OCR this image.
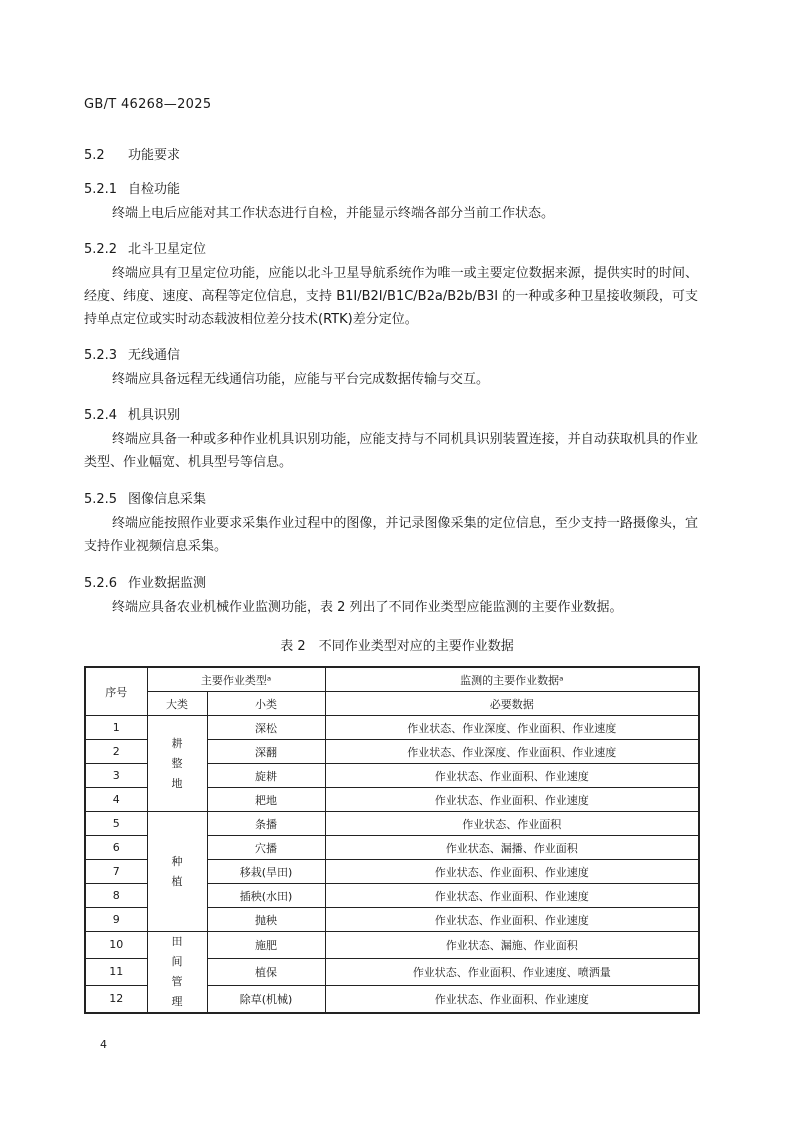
GB/T 46268—2025
5.2 功能要求
5.2.1 自检功能
终端上电后应能对其工作状态进行自检，并能显示终端各部分当前工作状态。
5.2.2 北斗卫星定位
终端应具有卫星定位功能，应能以北斗卫星导航系统作为唯一或主要定位数据来源，提供实时的时间、经度、纬度、速度、高程等定位信息，支持 B1I/B2I/B1C/B2a/B2b/B3I 的一种或多种卫星接收频段，可支持单点定位或实时动态载波相位差分技术(RTK)差分定位。
5.2.3 无线通信
终端应具备远程无线通信功能，应能与平台完成数据传输与交互。
5.2.4 机具识别
终端应具备一种或多种作业机具识别功能，应能支持与不同机具识别装置连接，并自动获取机具的作业类型、作业幅宽、机具型号等信息。
5.2.5 图像信息采集
终端应能按照作业要求采集作业过程中的图像，并记录图像采集的定位信息，至少支持一路摄像头，宜支持作业视频信息采集。
5.2.6 作业数据监测
终端应具备农业机械作业监测功能，表 2 列出了不同作业类型应能监测的主要作业数据。
表 2　不同作业类型对应的主要作业数据
序号	主要作业类型ᵃ		监测的主要作业数据ᵃ
	大类	小类	必要数据
1	耕
整
地	深松	作业状态、作业深度、作业面积、作业速度
2		深翻	作业状态、作业深度、作业面积、作业速度
3		旋耕	作业状态、作业面积、作业速度
4		耙地	作业状态、作业面积、作业速度
5	种
植	条播	作业状态、作业面积
6		穴播	作业状态、漏播、作业面积
7		移栽(旱田)	作业状态、作业面积、作业速度
8		插秧(水田)	作业状态、作业面积、作业速度
9		抛秧	作业状态、作业面积、作业速度
10	田
间
管
理	施肥	作业状态、漏施、作业面积
11		植保	作业状态、作业面积、作业速度、喷洒量
12		除草(机械)	作业状态、作业面积、作业速度
4
